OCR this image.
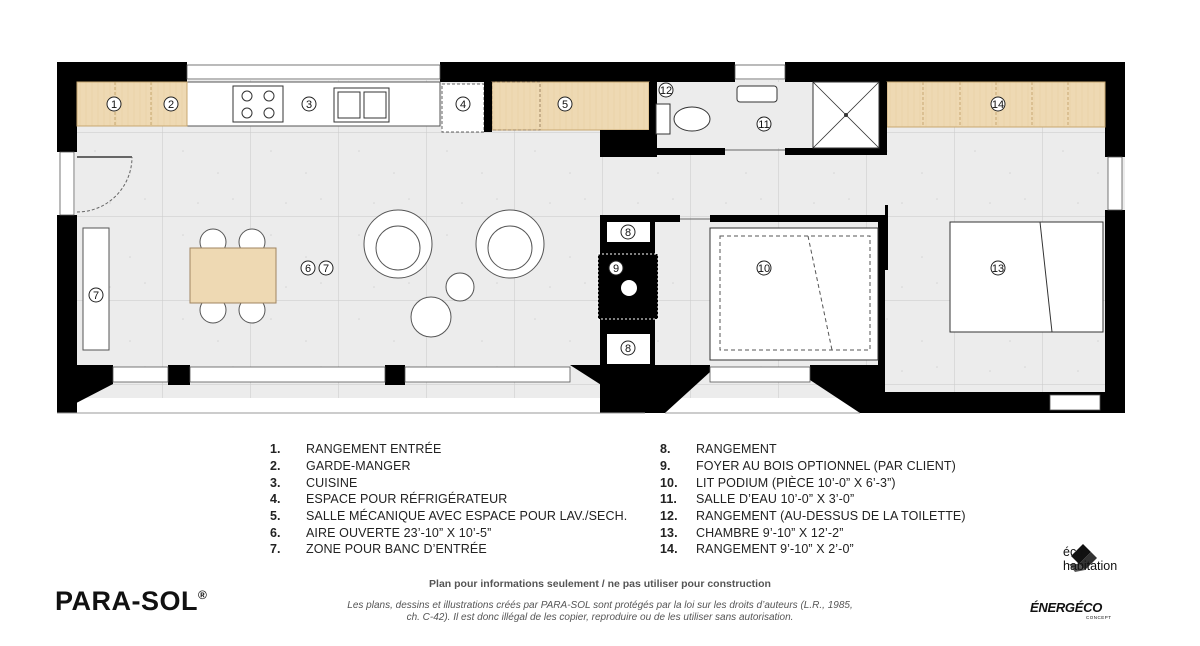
1	2	3	4	5
6 7
7
8
8
9	10
11
12
13
14
1.	RANGEMENT ENTRÉE
2.	GARDE-MANGER
3.	CUISINE
4.	ESPACE POUR RÉFRIGÉRATEUR
5.	SALLE MÉCANIQUE AVEC ESPACE POUR LAV./SECH.
6.	AIRE OUVERTE 23’-10” X 10’-5”
7.	ZONE POUR BANC D’ENTRÉE
8.	RANGEMENT
9.	FOYER AU BOIS OPTIONNEL (PAR CLIENT)
10.	LIT PODIUM (PIÈCE 10’-0” X 6’-3”)
11.	SALLE D’EAU 10’-0” X 3’-0”
12.	RANGEMENT (AU-DESSUS DE LA TOILETTE)
13.	CHAMBRE 9’-10” X 12’-2”
14.	RANGEMENT 9’-10” X 2’-0”
PARA-SOL®
Plan pour informations seulement / ne pas utiliser pour construction
Les plans, dessins et illustrations créés par PARA-SOL sont protégés par la loi sur les droits d’auteurs (L.R., 1985,
ch. C-42). Il est donc illégal de les copier, reproduire ou de les utiliser sans autorisation.
éco
habitation
ÉNERGÉCO
CONCEPT
